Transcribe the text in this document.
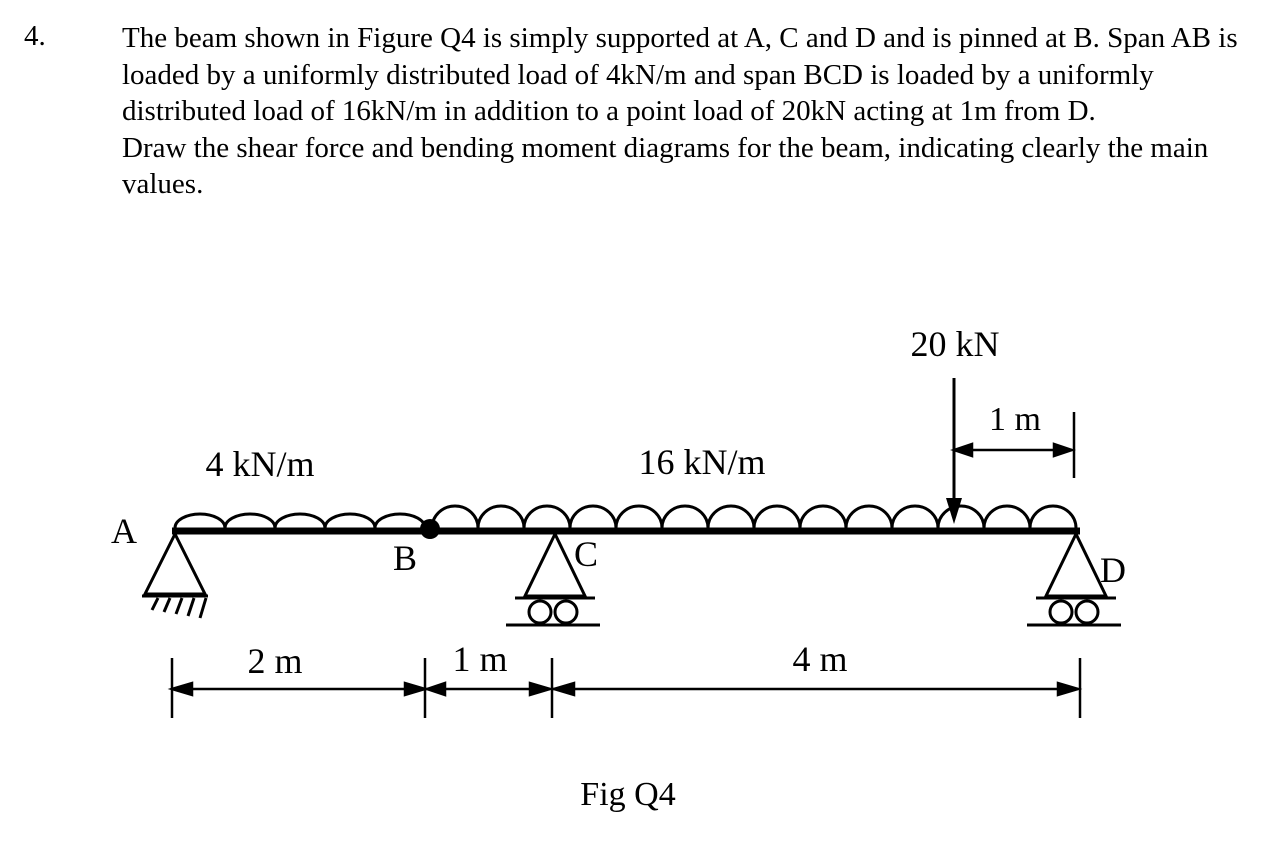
4.	The beam shown in Figure Q4 is simply supported at A, C and D and is pinned at B. Span AB is loaded by a uniformly distributed load of 4kN/m and span BCD is loaded by a uniformly distributed load of 16kN/m in addition to a point load of 20kN acting at 1m from D.

Draw the shear force and bending moment diagrams for the beam, indicating clearly the main values.

20 kN
1 m
4 kN/m	16 kN/m
A
B	C	D
2 m	1 m	4 m
Fig Q4
